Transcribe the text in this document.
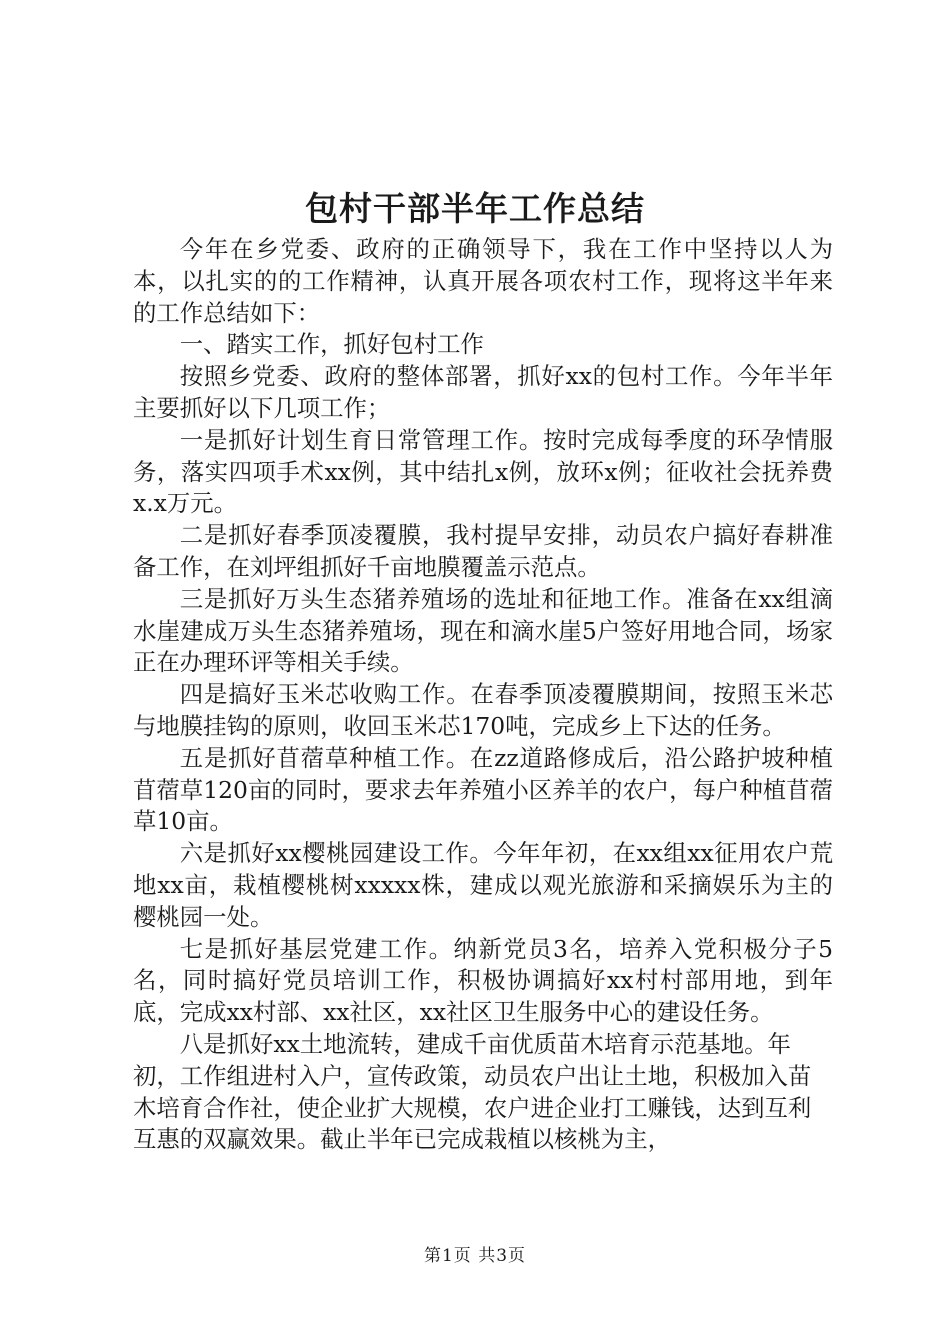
包村干部半年工作总结

今年在乡党委、政府的正确领导下，我在工作中坚持以人为本，以扎实的的工作精神，认真开展各项农村工作，现将这半年来的工作总结如下：

一、踏实工作，抓好包村工作

按照乡党委、政府的整体部署，抓好xx的包村工作。今年半年主要抓好以下几项工作；

一是抓好计划生育日常管理工作。按时完成每季度的环孕情服务，落实四项手术xx例，其中结扎x例，放环x例；征收社会抚养费x.x万元。

二是抓好春季顶凌覆膜，我村提早安排，动员农户搞好春耕准备工作，在刘坪组抓好千亩地膜覆盖示范点。

三是抓好万头生态猪养殖场的选址和征地工作。准备在xx组滴水崖建成万头生态猪养殖场，现在和滴水崖5户签好用地合同，场家正在办理环评等相关手续。

四是搞好玉米芯收购工作。在春季顶凌覆膜期间，按照玉米芯与地膜挂钩的原则，收回玉米芯170吨，完成乡上下达的任务。

五是抓好苜蓿草种植工作。在zz道路修成后，沿公路护坡种植苜蓿草120亩的同时，要求去年养殖小区养羊的农户，每户种植苜蓿草10亩。

六是抓好xx樱桃园建设工作。今年年初，在xx组xx征用农户荒地xx亩，栽植樱桃树xxxxx株，建成以观光旅游和采摘娱乐为主的樱桃园一处。

七是抓好基层党建工作。纳新党员3名，培养入党积极分子5名，同时搞好党员培训工作，积极协调搞好xx村村部用地，到年底，完成xx村部、xx社区，xx社区卫生服务中心的建设任务。

八是抓好xx土地流转，建成千亩优质苗木培育示范基地。年初，工作组进村入户，宣传政策，动员农户出让土地，积极加入苗木培育合作社，使企业扩大规模，农户进企业打工赚钱，达到互利互惠的双赢效果。截止半年已完成栽植以核桃为主，

第1页 共3页
